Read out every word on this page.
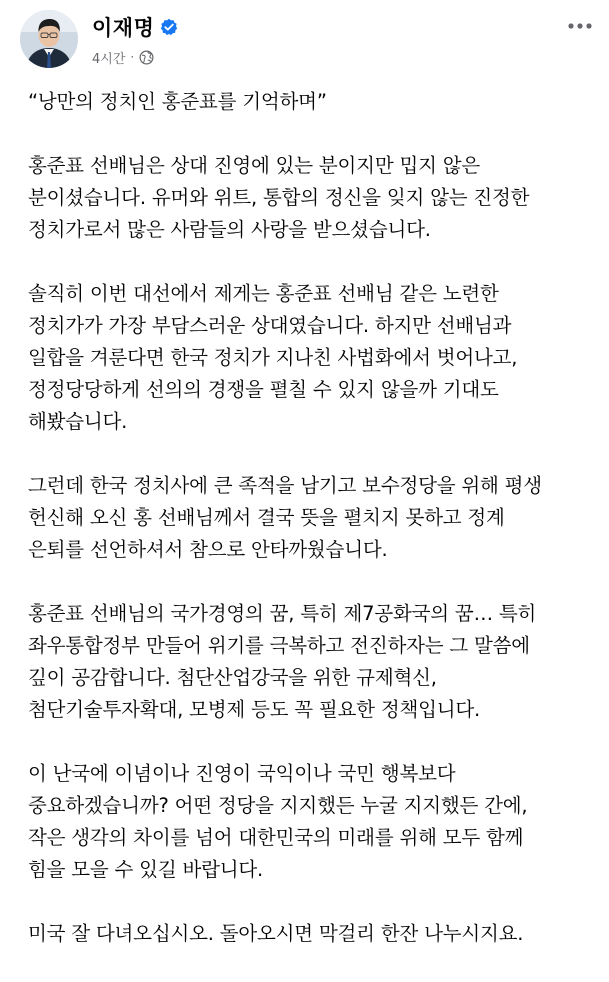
이재명
4시간 ·

“낭만의 정치인 홍준표를 기억하며”

홍준표 선배님은 상대 진영에 있는 분이지만 밉지 않은
분이셨습니다. 유머와 위트, 통합의 정신을 잊지 않는 진정한
정치가로서 많은 사람들의 사랑을 받으셨습니다.

솔직히 이번 대선에서 제게는 홍준표 선배님 같은 노련한
정치가가 가장 부담스러운 상대였습니다. 하지만 선배님과
일합을 겨룬다면 한국 정치가 지나친 사법화에서 벗어나고,
정정당당하게 선의의 경쟁을 펼칠 수 있지 않을까 기대도
해봤습니다.

그런데 한국 정치사에 큰 족적을 남기고 보수정당을 위해 평생
헌신해 오신 홍 선배님께서 결국 뜻을 펼치지 못하고 정계
은퇴를 선언하셔서 참으로 안타까웠습니다.

홍준표 선배님의 국가경영의 꿈, 특히 제7공화국의 꿈… 특히
좌우통합정부 만들어 위기를 극복하고 전진하자는 그 말씀에
깊이 공감합니다. 첨단산업강국을 위한 규제혁신,
첨단기술투자확대, 모병제 등도 꼭 필요한 정책입니다.

이 난국에 이념이나 진영이 국익이나 국민 행복보다
중요하겠습니까? 어떤 정당을 지지했든 누굴 지지했든 간에,
작은 생각의 차이를 넘어 대한민국의 미래를 위해 모두 함께
힘을 모을 수 있길 바랍니다.

미국 잘 다녀오십시오. 돌아오시면 막걸리 한잔 나누시지요.
